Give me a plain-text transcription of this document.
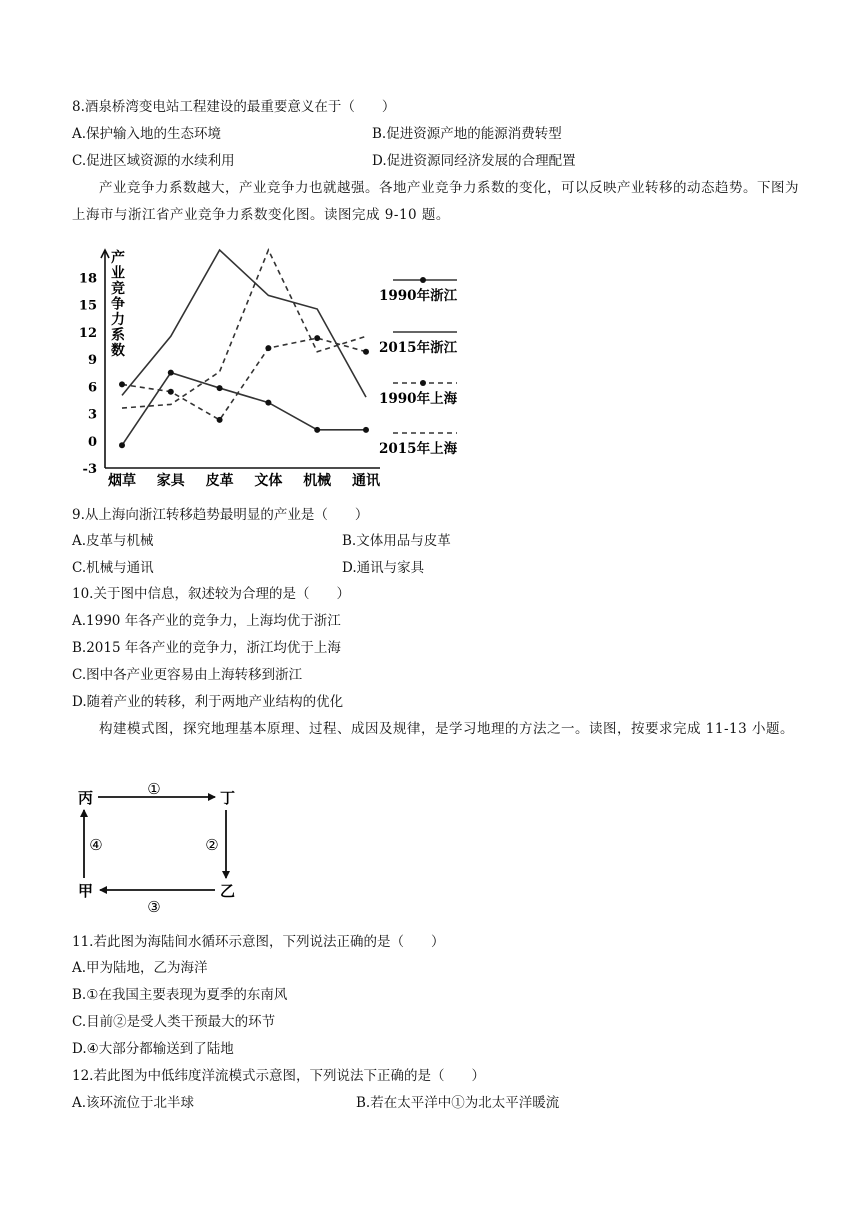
8.酒泉桥湾变电站工程建设的最重要意义在于（　　）
A.保护输入地的生态环境	B.促进资源产地的能源消费转型
C.促进区域资源的水续利用	D.促进资源同经济发展的合理配置
产业竞争力系数越大，产业竞争力也就越强。各地产业竞争力系数的变化，可以反映产业转移的动态趋势。下图为上海市与浙江省产业竞争力系数变化图。读图完成 9-10 题。
产
业
竞
争
力
系
数
-3
0
3
6
9
12
15
18
烟草 家具 皮革 文体 机械 通讯
1990年浙江
2015年浙江
1990年上海
2015年上海
9.从上海向浙江转移趋势最明显的产业是（　　）
A.皮革与机械	B.文体用品与皮革
C.机械与通讯	D.通讯与家具
10.关于图中信息，叙述较为合理的是（　　）
A.1990 年各产业的竞争力，上海均优于浙江
B.2015 年各产业的竞争力，浙江均优于上海
C.图中各产业更容易由上海转移到浙江
D.随着产业的转移，利于两地产业结构的优化
构建模式图，探究地理基本原理、过程、成因及规律，是学习地理的方法之一。读图，按要求完成 11-13 小题。
丙	丁
甲	乙
①
②
③
④
11.若此图为海陆间水循环示意图，下列说法正确的是（　　）
A.甲为陆地，乙为海洋
B.①在我国主要表现为夏季的东南风
C.目前②是受人类干预最大的环节
D.④大部分都输送到了陆地
12.若此图为中低纬度洋流模式示意图，下列说法下正确的是（　　）
A.该环流位于北半球	B.若在太平洋中①为北太平洋暖流
